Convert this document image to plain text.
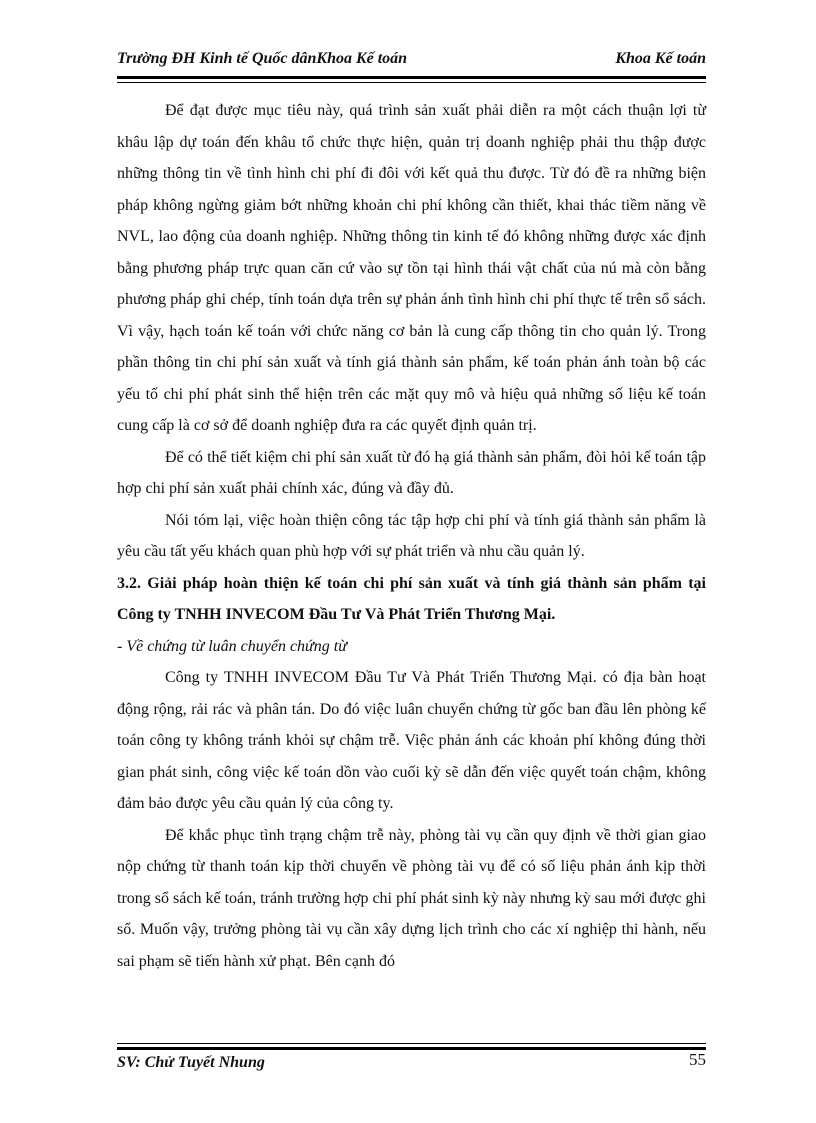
Trường ĐH Kinh tế Quốc dânKhoa Kế toán	Khoa Kế toán

Để đạt được mục tiêu này, quá trình sản xuất phải diễn ra một cách thuận lợi từ khâu lập dự toán đến khâu tổ chức thực hiện, quản trị doanh nghiệp phải thu thập được những thông tin về tình hình chi phí đi đôi với kết quả thu được. Từ đó đề ra những biện pháp không ngừng giảm bớt những khoản chi phí không cần thiết, khai thác tiềm năng về NVL, lao động của doanh nghiệp. Những thông tin kinh tế đó không những được xác định bằng phương pháp trực quan căn cứ vào sự tồn tại hình thái vật chất của nú mà còn bằng phương pháp ghi chép, tính toán dựa trên sự phản ánh tình hình chi phí thực tế trên sổ sách. Vì vậy, hạch toán kế toán với chức năng cơ bản là cung cấp thông tin cho quản lý. Trong phần thông tin chi phí sản xuất và tính giá thành sản phẩm, kế toán phản ánh toàn bộ các yếu tố chi phí phát sinh thể hiện trên các mặt quy mô và hiệu quả những số liệu kế toán cung cấp là cơ sở để doanh nghiệp đưa ra các quyết định quản trị.

Để có thể tiết kiệm chi phí sản xuất từ đó hạ giá thành sản phẩm, đòi hỏi kế toán tập hợp chi phí sản xuất phải chính xác, đúng và đầy đủ.

Nói tóm lại, việc hoàn thiện công tác tập hợp chi phí và tính giá thành sản phẩm là yêu cầu tất yếu khách quan phù hợp với sự phát triển và nhu cầu quản lý.

3.2. Giải pháp hoàn thiện kế toán chi phí sản xuất và tính giá thành sản phẩm tại Công ty TNHH INVECOM Đầu Tư Và Phát Triển Thương Mại.

- Về chứng từ luân chuyển chứng từ

Công ty TNHH INVECOM Đầu Tư Và Phát Triển Thương Mại. có địa bàn hoạt động rộng, rải rác và phân tán. Do đó việc luân chuyển chứng từ gốc ban đầu lên phòng kế toán công ty không tránh khỏi sự chậm trễ. Việc phản ánh các khoản phí không đúng thời gian phát sinh, công việc kế toán dồn vào cuối kỳ sẽ dẫn đến việc quyết toán chậm, không đảm bảo được yêu cầu quản lý của công ty.

Để khắc phục tình trạng chậm trễ này, phòng tài vụ cần quy định về thời gian giao nộp chứng từ thanh toán kịp thời chuyển về phòng tài vụ để có số liệu phản ánh kịp thời trong sổ sách kế toán, tránh trường hợp chi phí phát sinh kỳ này nhưng kỳ sau mới được ghi sổ. Muốn vậy, trưởng phòng tài vụ cần xây dựng lịch trình cho các xí nghiệp thi hành, nếu sai phạm sẽ tiến hành xử phạt. Bên cạnh đó

SV: Chử Tuyết Nhung	55
